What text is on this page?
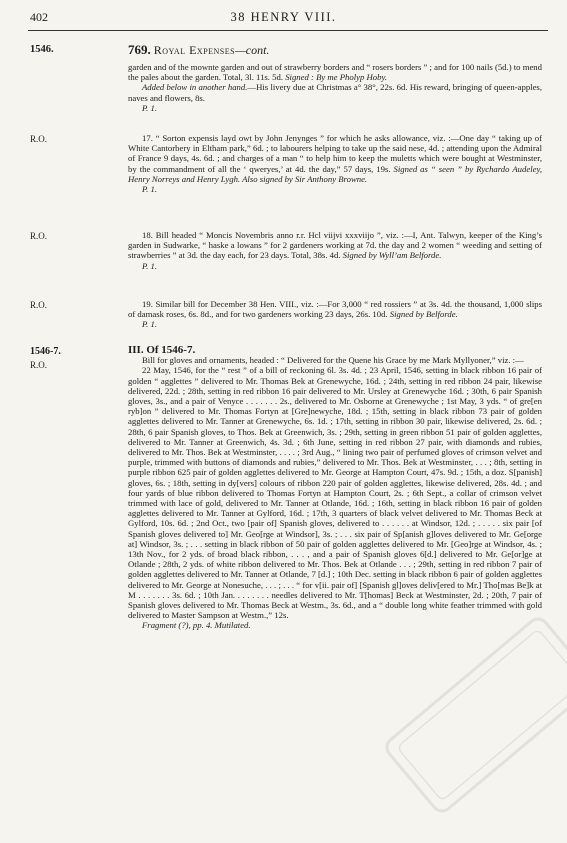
402	38 HENRY VIII.
1546.	769. Royal Expenses—cont.

garden and of the mownte garden and out of strawberry borders and “ rosers borders ” ; and for 100 nails (5d.) to mend the pales about the garden. Total, 3l. 11s. 5d. Signed : By me Pholyp Hoby.

Added below in another hand.—His livery due at Christmas a° 38°, 22s. 6d. His reward, bringing of queen-apples, naves and flowers, 8s.

P. 1.

R.O.	17. “ Sorton expensis layd owt by John Jenynges ” for which he asks allowance, viz. :—One day “ taking up of White Cantorbery in Eltham park,” 6d. ; to labourers helping to take up the said nese, 4d. ; attending upon the Admiral of France 9 days, 4s. 6d. ; and charges of a man “ to help him to keep the muletts which were bought at Westminster, by the commandment of all the ‘ qweryes,’ at 4d. the day,” 57 days, 19s. Signed as “ seen ” by Rychardo Audeley, Henry Norreys and Henry Lygh. Also signed by Sir Anthony Browne.

P. 1.

R.O.	18. Bill headed “ Moncis Novembris anno r.r. Hcl viijvi xxxviijo ”, viz. :—I, Ant. Talwyn, keeper of the King’s garden in Sudwarke, “ haske a lowans ” for 2 gardeners working at 7d. the day and 2 women “ weeding and setting of strawberries ” at 3d. the day each, for 23 days. Total, 38s. 4d. Signed by Wyll’am Belforde.

P. 1.

R.O.	19. Similar bill for December 38 Hen. VIII., viz. :—For 3,000 “ red rossiers ” at 3s. 4d. the thousand, 1,000 slips of damask roses, 6s. 8d., and for two gardeners working 23 days, 26s. 10d. Signed by Belforde.

P. 1.

1546-7.
R.O.

III. Of 1546-7.

Bill for gloves and ornaments, headed : “ Delivered for the Quene his Grace by me Mark Myllyoner,” viz. :—

22 May, 1546, for the “ rest ” of a bill of reckoning 6l. 3s. 4d. ; 23 April, 1546, setting in black ribbon 16 pair of golden “ agglettes ” delivered to Mr. Thomas Bek at Grenewyche, 16d. ; 24th, setting in red ribbon 24 pair, likewise delivered, 22d. ; 28th, setting in red ribbon 16 pair delivered to Mr. Ursley at Grenewyche 16d. ; 30th, 6 pair Spanish gloves, 3s., and a pair of Venyce . . . . . . . 2s., delivered to Mr. Osborne at Grenewyche ; 1st May, 3 yds. “ of gre[en ryb]on ” delivered to Mr. Thomas Fortyn at [Gre]newyche, 18d. ; 15th, setting in black ribbon 73 pair of golden agglettes delivered to Mr. Tanner at Grenewyche, 6s. 1d. ; 17th, setting in ribbon 30 pair, likewise delivered, 2s. 6d. ; 28th, 6 pair Spanish gloves, to Thos. Bek at Greenwich, 3s. ; 29th, setting in green ribbon 51 pair of golden agglettes, delivered to Mr. Tanner at Greenwich, 4s. 3d. ; 6th June, setting in red ribbon 27 pair, with diamonds and rubies, delivered to Mr. Thos. Bek at Westminster, . . . . ; 3rd Aug., “ lining two pair of perfumed gloves of crimson velvet and purple, trimmed with buttons of diamonds and rubies,” delivered to Mr. Thos. Bek at Westminster, . . . ; 8th, setting in purple ribbon 625 pair of golden agglettes delivered to Mr. George at Hampton Court, 47s. 9d. ; 15th, a doz. S[panish] gloves, 6s. ; 18th, setting in dy[vers] colours of ribbon 220 pair of golden agglettes, likewise delivered, 28s. 4d. ; and four yards of blue ribbon delivered to Thomas Fortyn at Hampton Court, 2s. ; 6th Sept., a collar of crimson velvet trimmed with lace of gold, delivered to Mr. Tanner at Otlande, 16d. ; 16th, setting in black ribbon 16 pair of golden agglettes delivered to Mr. Tanner at Gylford, 16d. ; 17th, 3 quarters of black velvet delivered to Mr. Thomas Beck at Gylford, 10s. 6d. ; 2nd Oct., two [pair of] Spanish gloves, delivered to . . . . . . at Windsor, 12d. ; . . . . . six pair [of Spanish gloves delivered to] Mr. Geo[rge at Windsor], 3s. ; . . . six pair of Sp[anish g]loves delivered to Mr. Ge[orge at] Windsor, 3s. ; . . . setting in black ribbon of 50 pair of golden agglettes delivered to Mr. [Geo]rge at Windsor, 4s. ; 13th Nov., for 2 yds. of broad black ribbon, . . . , and a pair of Spanish gloves 6[d.] delivered to Mr. Ge[or]ge at Otlande ; 28th, 2 yds. of white ribbon delivered to Mr. Thos. Bek at Otlande . . . ; 29th, setting in red ribbon 7 pair of golden agglettes delivered to Mr. Tanner at Otlande, 7 [d.] ; 10th Dec. setting in black ribbon 6 pair of golden agglettes delivered to Mr. George at Nonesuche, . . . ; . . . “ for v[ii. pair of] [Spanish gl]oves deliv[ered to Mr.] Tho[mas Be]k at M . . . . . . . 3s. 6d. ; 10th Jan. . . . . . . . needles delivered to Mr. T[homas] Beck at Westminster, 2d. ; 20th, 7 pair of Spanish gloves delivered to Mr. Thomas Beck at Westm., 3s. 6d., and a “ double long white feather trimmed with gold delivered to Master Sampson at Westm.,” 12s.

Fragment (?), pp. 4. Mutilated.
